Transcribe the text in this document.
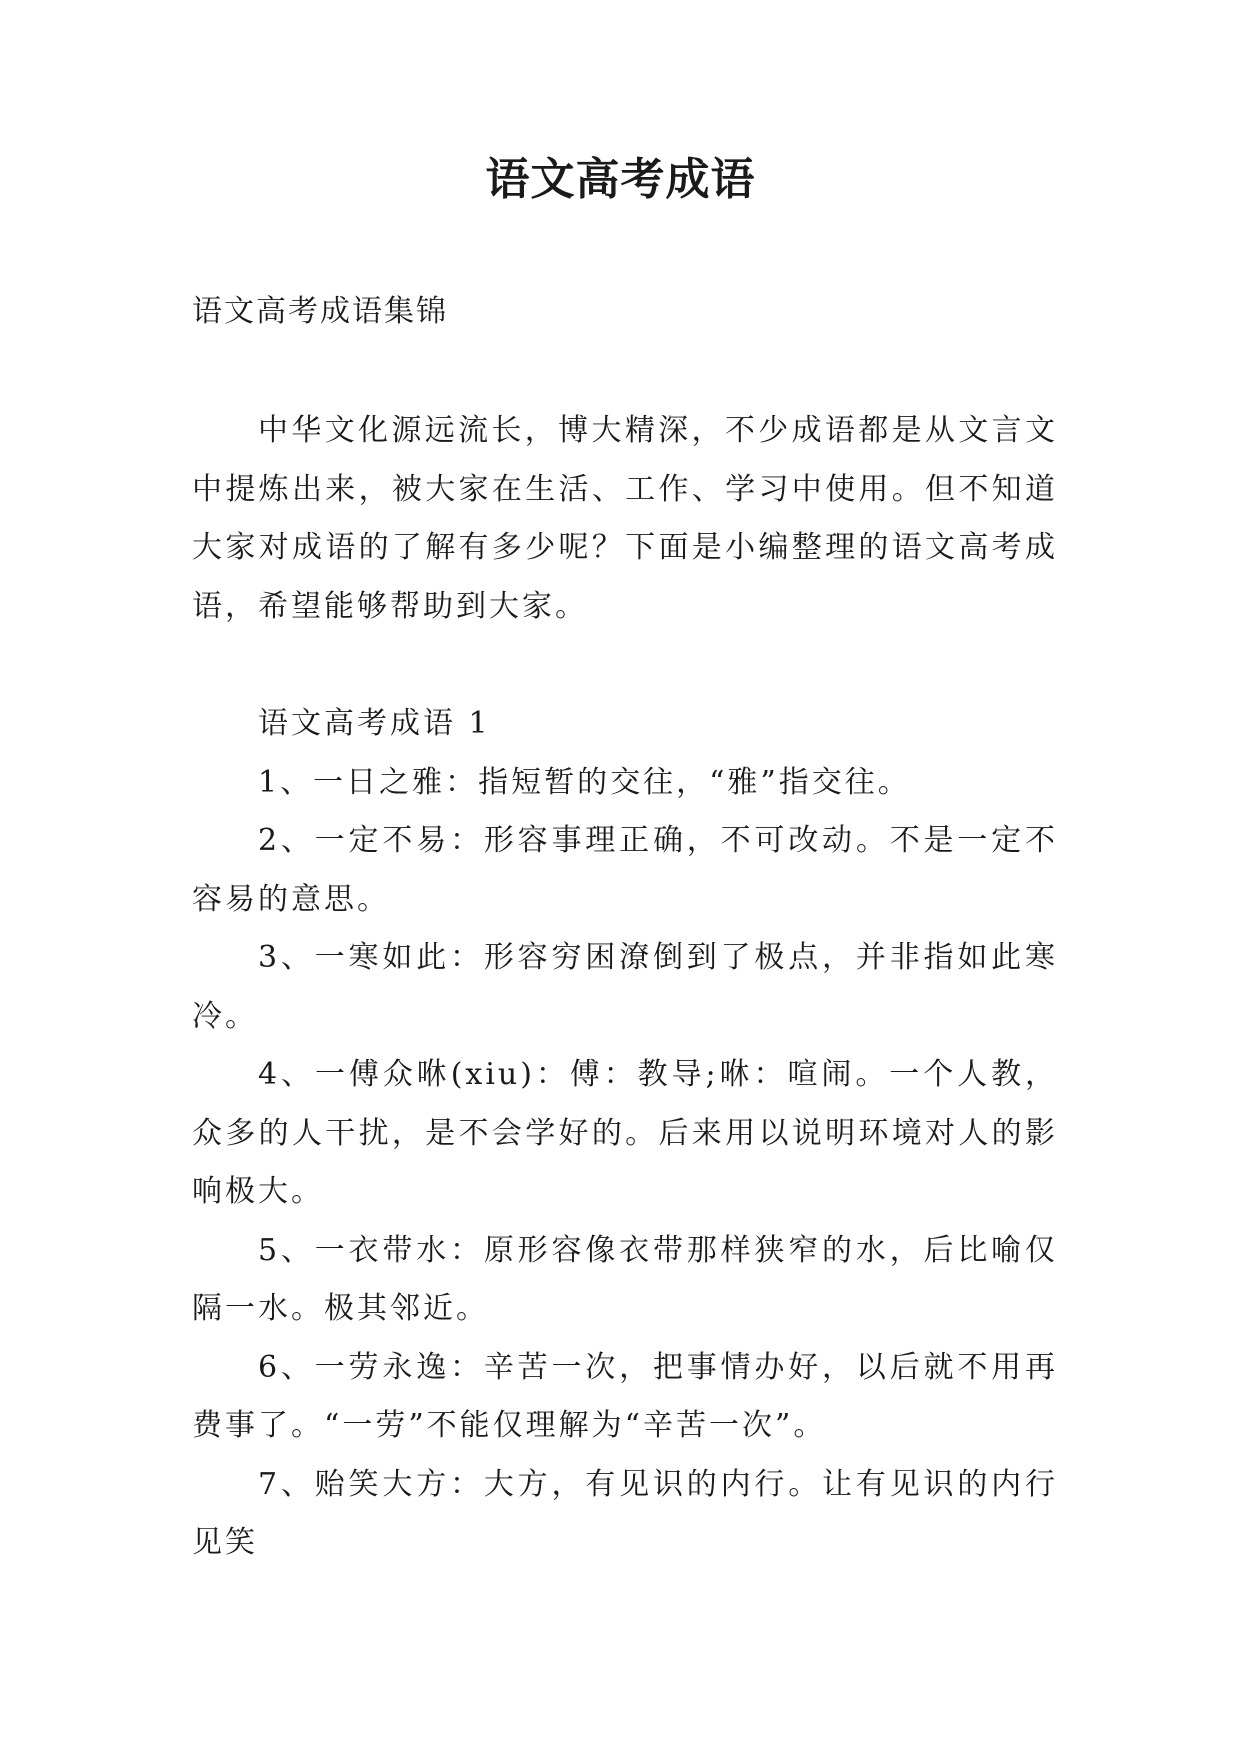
语文高考成语
语文高考成语集锦

中华文化源远流长，博大精深，不少成语都是从文言文中提炼出来，被大家在生活、工作、学习中使用。但不知道大家对成语的了解有多少呢？下面是小编整理的语文高考成语，希望能够帮助到大家。

语文高考成语 1

1、一日之雅：指短暂的交往，“雅”指交往。

2、一定不易：形容事理正确，不可改动。不是一定不容易的意思。

3、一寒如此：形容穷困潦倒到了极点，并非指如此寒冷。

4、一傅众咻(xiu)：傅：教导;咻：喧闹。一个人教，众多的人干扰，是不会学好的。后来用以说明环境对人的影响极大。

5、一衣带水：原形容像衣带那样狭窄的水，后比喻仅隔一水。极其邻近。

6、一劳永逸：辛苦一次，把事情办好，以后就不用再费事了。“一劳”不能仅理解为“辛苦一次”。

7、贻笑大方：大方，有见识的内行。让有见识的内行见笑
